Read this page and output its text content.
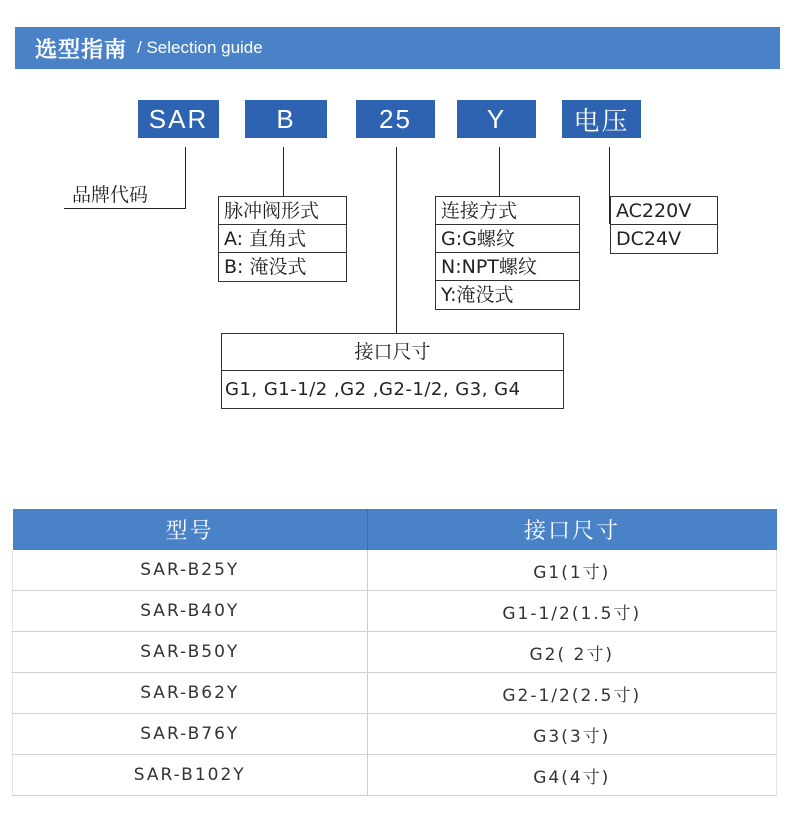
选型指南 / Selection guide
SAR	B	25	Y	电压
品牌代码
脉冲阀形式
A: 直角式
B: 淹没式
连接方式
G:G螺纹
N:NPT螺纹
Y:淹没式
AC220V
DC24V
接口尺寸
G1, G1-1/2 ,G2 ,G2-1/2, G3, G4
型号	接口尺寸
SAR-B25Y	G1(1寸)
SAR-B40Y	G1-1/2(1.5寸)
SAR-B50Y	G2( 2寸)
SAR-B62Y	G2-1/2(2.5寸)
SAR-B76Y	G3(3寸)
SAR-B102Y	G4(4寸)
